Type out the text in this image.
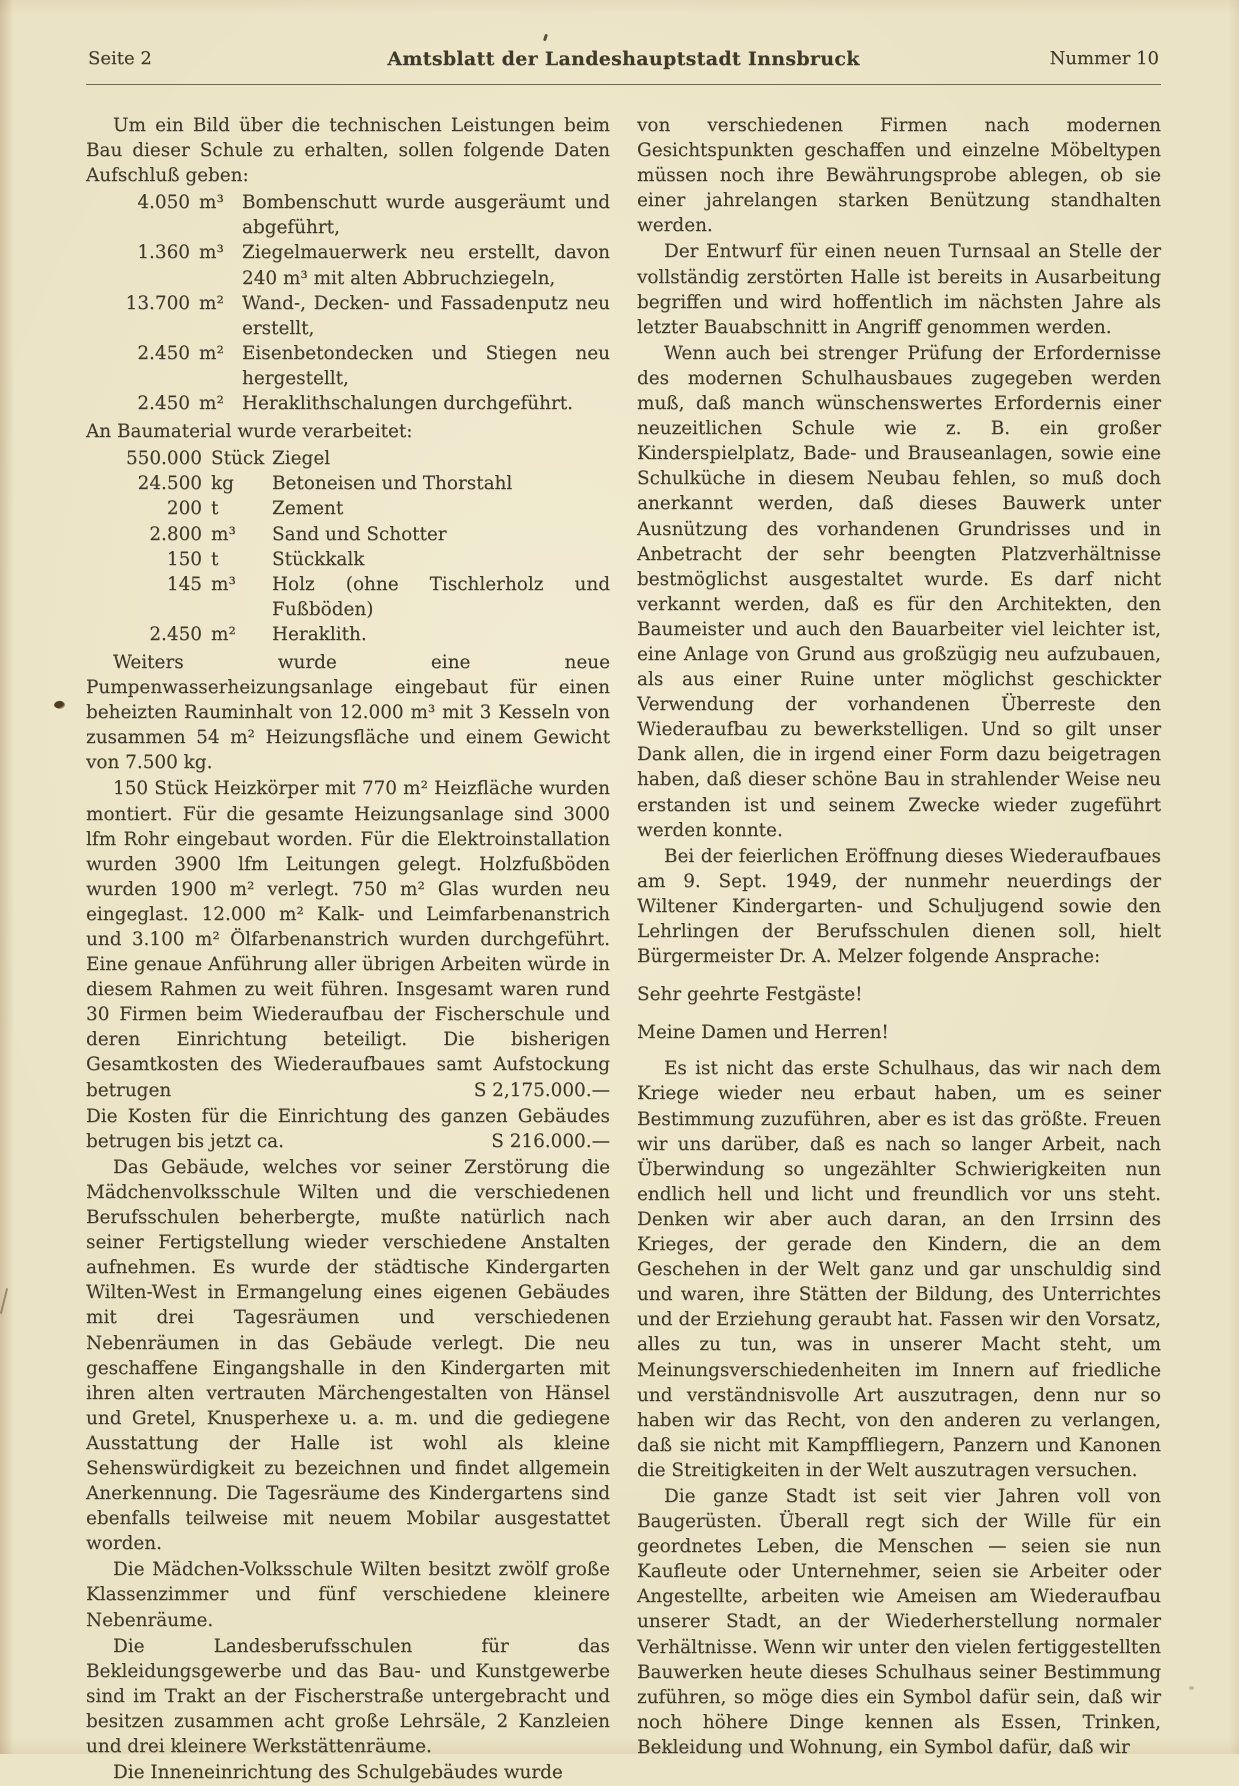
Seite 2	Amtsblatt der Landeshauptstadt Innsbruck	Nummer 10

Um ein Bild über die technischen Leistungen beim Bau dieser Schule zu erhalten, sollen folgende Daten Aufschluß geben:

4.050 m³ Bombenschutt wurde ausgeräumt und abgeführt,
1.360 m³ Ziegelmauerwerk neu erstellt, davon 240 m³ mit alten Abbruchziegeln,
13.700 m² Wand-, Decken- und Fassadenputz neu erstellt,
2.450 m² Eisenbetondecken und Stiegen neu hergestellt,
2.450 m² Heraklithschalungen durchgeführt.

An Baumaterial wurde verarbeitet:

550.000 Stück Ziegel
24.500 kg	Betoneisen und Thorstahl
200 t	Zement
2.800 m³	Sand und Schotter
150 t	Stückkalk
145 m³	Holz (ohne Tischlerholz und Fußböden)
2.450 m²	Heraklith.

Weiters wurde eine neue Pumpenwasserheizungsanlage eingebaut für einen beheizten Rauminhalt von 12.000 m³ mit 3 Kesseln von zusammen 54 m² Heizungsfläche und einem Gewicht von 7.500 kg.

150 Stück Heizkörper mit 770 m² Heizfläche wurden montiert. Für die gesamte Heizungsanlage sind 3000 lfm Rohr eingebaut worden. Für die Elektroinstallation wurden 3900 lfm Leitungen gelegt. Holzfußböden wurden 1900 m² verlegt. 750 m² Glas wurden neu eingeglast. 12.000 m² Kalk- und Leimfarbenanstrich und 3.100 m² Ölfarbenanstrich wurden durchgeführt. Eine genaue Anführung aller übrigen Arbeiten würde in diesem Rahmen zu weit führen. Insgesamt waren rund 30 Firmen beim Wiederaufbau der Fischerschule und deren Einrichtung beteiligt. Die bisherigen Gesamtkosten des Wiederaufbaues samt Aufstockung betrugen	S 2,175.000.—

Die Kosten für die Einrichtung des ganzen Gebäudes betrugen bis jetzt ca.	S 216.000.—

Das Gebäude, welches vor seiner Zerstörung die Mädchenvolksschule Wilten und die verschiedenen Berufsschulen beherbergte, mußte natürlich nach seiner Fertigstellung wieder verschiedene Anstalten aufnehmen. Es wurde der städtische Kindergarten Wilten-West in Ermangelung eines eigenen Gebäudes mit drei Tagesräumen und verschiedenen Nebenräumen in das Gebäude verlegt. Die neu geschaffene Eingangshalle in den Kindergarten mit ihren alten vertrauten Märchengestalten von Hänsel und Gretel, Knusperhexe u. a. m. und die gediegene Ausstattung der Halle ist wohl als kleine Sehenswürdigkeit zu bezeichnen und findet allgemein Anerkennung. Die Tagesräume des Kindergartens sind ebenfalls teilweise mit neuem Mobilar ausgestattet worden.

Die Mädchen-Volksschule Wilten besitzt zwölf große Klassenzimmer und fünf verschiedene kleinere Nebenräume.

Die Landesberufsschulen für das Bekleidungsgewerbe und das Bau- und Kunstgewerbe sind im Trakt an der Fischerstraße untergebracht und besitzen zusammen acht große Lehrsäle, 2 Kanzleien und drei kleinere Werkstättenräume.

Die Inneneinrichtung des Schulgebäudes wurde

von verschiedenen Firmen nach modernen Gesichtspunkten geschaffen und einzelne Möbeltypen müssen noch ihre Bewährungsprobe ablegen, ob sie einer jahrelangen starken Benützung standhalten werden.

Der Entwurf für einen neuen Turnsaal an Stelle der vollständig zerstörten Halle ist bereits in Ausarbeitung begriffen und wird hoffentlich im nächsten Jahre als letzter Bauabschnitt in Angriff genommen werden.

Wenn auch bei strenger Prüfung der Erfordernisse des modernen Schulhausbaues zugegeben werden muß, daß manch wünschenswertes Erfordernis einer neuzeitlichen Schule wie z. B. ein großer Kinderspielplatz, Bade- und Brauseanlagen, sowie eine Schulküche in diesem Neubau fehlen, so muß doch anerkannt werden, daß dieses Bauwerk unter Ausnützung des vorhandenen Grundrisses und in Anbetracht der sehr beengten Platzverhältnisse bestmöglichst ausgestaltet wurde. Es darf nicht verkannt werden, daß es für den Architekten, den Baumeister und auch den Bauarbeiter viel leichter ist, eine Anlage von Grund aus großzügig neu aufzubauen, als aus einer Ruine unter möglichst geschickter Verwendung der vorhandenen Überreste den Wiederaufbau zu bewerkstelligen. Und so gilt unser Dank allen, die in irgend einer Form dazu beigetragen haben, daß dieser schöne Bau in strahlender Weise neu erstanden ist und seinem Zwecke wieder zugeführt werden konnte.

Bei der feierlichen Eröffnung dieses Wiederaufbaues am 9. Sept. 1949, der nunmehr neuerdings der Wiltener Kindergarten- und Schuljugend sowie den Lehrlingen der Berufsschulen dienen soll, hielt Bürgermeister Dr. A. Melzer folgende Ansprache:

Sehr geehrte Festgäste!

Meine Damen und Herren!

Es ist nicht das erste Schulhaus, das wir nach dem Kriege wieder neu erbaut haben, um es seiner Bestimmung zuzuführen, aber es ist das größte. Freuen wir uns darüber, daß es nach so langer Arbeit, nach Überwindung so ungezählter Schwierigkeiten nun endlich hell und licht und freundlich vor uns steht. Denken wir aber auch daran, an den Irrsinn des Krieges, der gerade den Kindern, die an dem Geschehen in der Welt ganz und gar unschuldig sind und waren, ihre Stätten der Bildung, des Unterrichtes und der Erziehung geraubt hat. Fassen wir den Vorsatz, alles zu tun, was in unserer Macht steht, um Meinungsverschiedenheiten im Innern auf friedliche und verständnisvolle Art auszutragen, denn nur so haben wir das Recht, von den anderen zu verlangen, daß sie nicht mit Kampffliegern, Panzern und Kanonen die Streitigkeiten in der Welt auszutragen versuchen.

Die ganze Stadt ist seit vier Jahren voll von Baugerüsten. Überall regt sich der Wille für ein geordnetes Leben, die Menschen — seien sie nun Kaufleute oder Unternehmer, seien sie Arbeiter oder Angestellte, arbeiten wie Ameisen am Wiederaufbau unserer Stadt, an der Wiederherstellung normaler Verhältnisse. Wenn wir unter den vielen fertiggestellten Bauwerken heute dieses Schulhaus seiner Bestimmung zuführen, so möge dies ein Symbol dafür sein, daß wir noch höhere Dinge kennen als Essen, Trinken, Bekleidung und Wohnung, ein Symbol dafür, daß wir
